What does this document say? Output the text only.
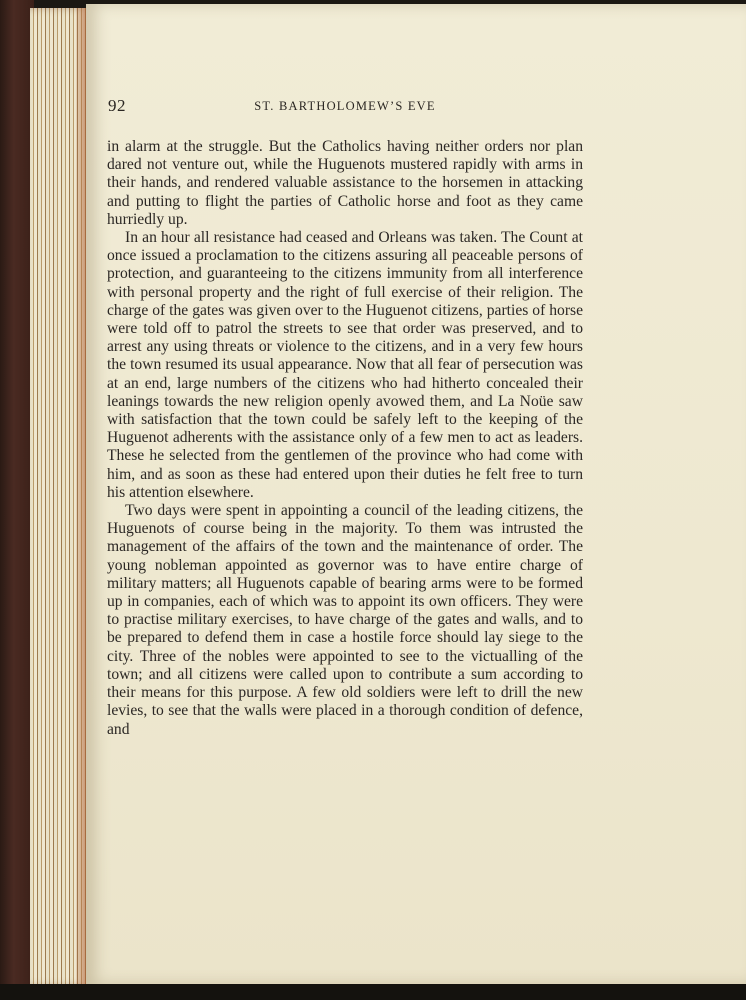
92	ST. BARTHOLOMEW’S EVE

in alarm at the struggle. But the Catholics having neither orders nor plan dared not venture out, while the Huguenots mustered rapidly with arms in their hands, and rendered valuable assistance to the horsemen in attacking and putting to flight the parties of Catholic horse and foot as they came hurriedly up.

In an hour all resistance had ceased and Orleans was taken. The Count at once issued a proclamation to the citizens assuring all peaceable persons of protection, and guaranteeing to the citizens immunity from all interference with personal property and the right of full exercise of their religion. The charge of the gates was given over to the Huguenot citizens, parties of horse were told off to patrol the streets to see that order was preserved, and to arrest any using threats or violence to the citizens, and in a very few hours the town resumed its usual appearance. Now that all fear of persecution was at an end, large numbers of the citizens who had hitherto concealed their leanings towards the new religion openly avowed them, and La Noüe saw with satisfaction that the town could be safely left to the keeping of the Huguenot adherents with the assistance only of a few men to act as leaders. These he selected from the gentlemen of the province who had come with him, and as soon as these had entered upon their duties he felt free to turn his attention elsewhere.

Two days were spent in appointing a council of the leading citizens, the Huguenots of course being in the majority. To them was intrusted the management of the affairs of the town and the maintenance of order. The young nobleman appointed as governor was to have entire charge of military matters; all Huguenots capable of bearing arms were to be formed up in companies, each of which was to appoint its own officers. They were to practise military exercises, to have charge of the gates and walls, and to be prepared to defend them in case a hostile force should lay siege to the city. Three of the nobles were appointed to see to the victualling of the town; and all citizens were called upon to contribute a sum according to their means for this purpose. A few old soldiers were left to drill the new levies, to see that the walls were placed in a thorough condition of defence, and
